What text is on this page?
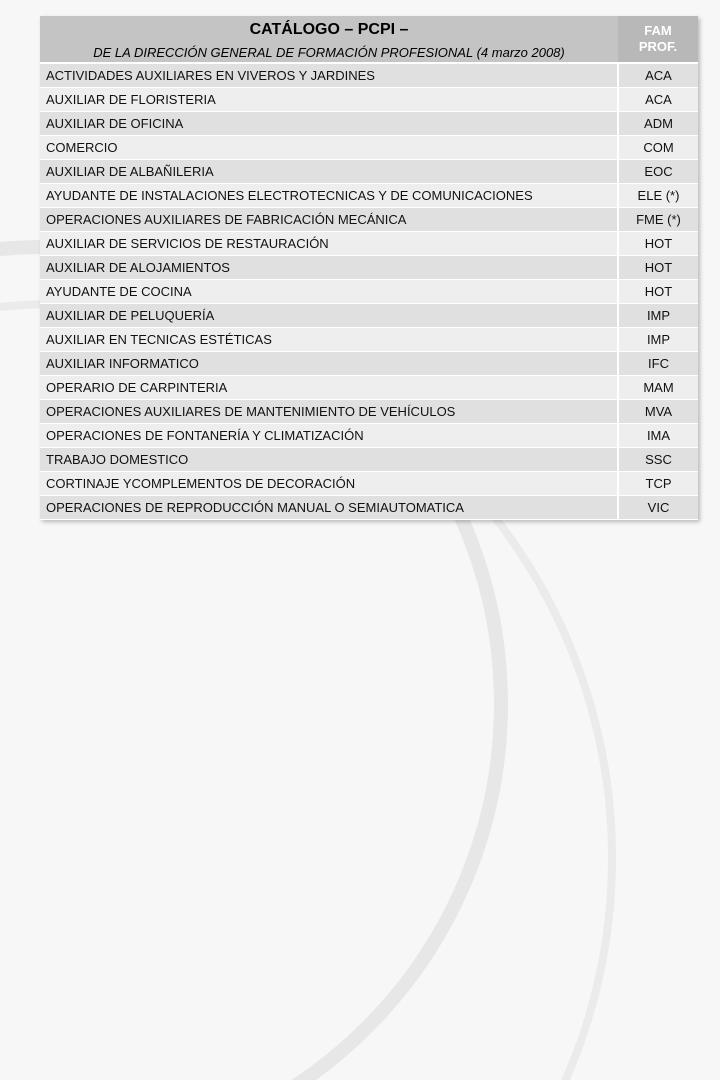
CATÁLOGO – PCPI –
DE LA DIRECCIÓN GENERAL DE FORMACIÓN PROFESIONAL (4 marzo 2008)	FAM
PROF.
ACTIVIDADES AUXILIARES EN VIVEROS Y JARDINES	ACA
AUXILIAR DE FLORISTERIA	ACA
AUXILIAR DE OFICINA	ADM
COMERCIO	COM
AUXILIAR DE ALBAÑILERIA	EOC
AYUDANTE DE INSTALACIONES ELECTROTECNICAS Y DE COMUNICACIONES	ELE (*)
OPERACIONES AUXILIARES DE FABRICACIÓN MECÁNICA	FME (*)
AUXILIAR DE SERVICIOS DE RESTAURACIÓN	HOT
AUXILIAR DE ALOJAMIENTOS	HOT
AYUDANTE DE COCINA	HOT
AUXILIAR DE PELUQUERÍA	IMP
AUXILIAR EN TECNICAS ESTÉTICAS	IMP
AUXILIAR INFORMATICO	IFC
OPERARIO DE CARPINTERIA	MAM
OPERACIONES AUXILIARES DE MANTENIMIENTO DE VEHÍCULOS	MVA
OPERACIONES DE FONTANERÍA Y CLIMATIZACIÓN	IMA
TRABAJO DOMESTICO	SSC
CORTINAJE YCOMPLEMENTOS DE DECORACIÓN	TCP
OPERACIONES DE REPRODUCCIÓN MANUAL O SEMIAUTOMATICA	VIC
